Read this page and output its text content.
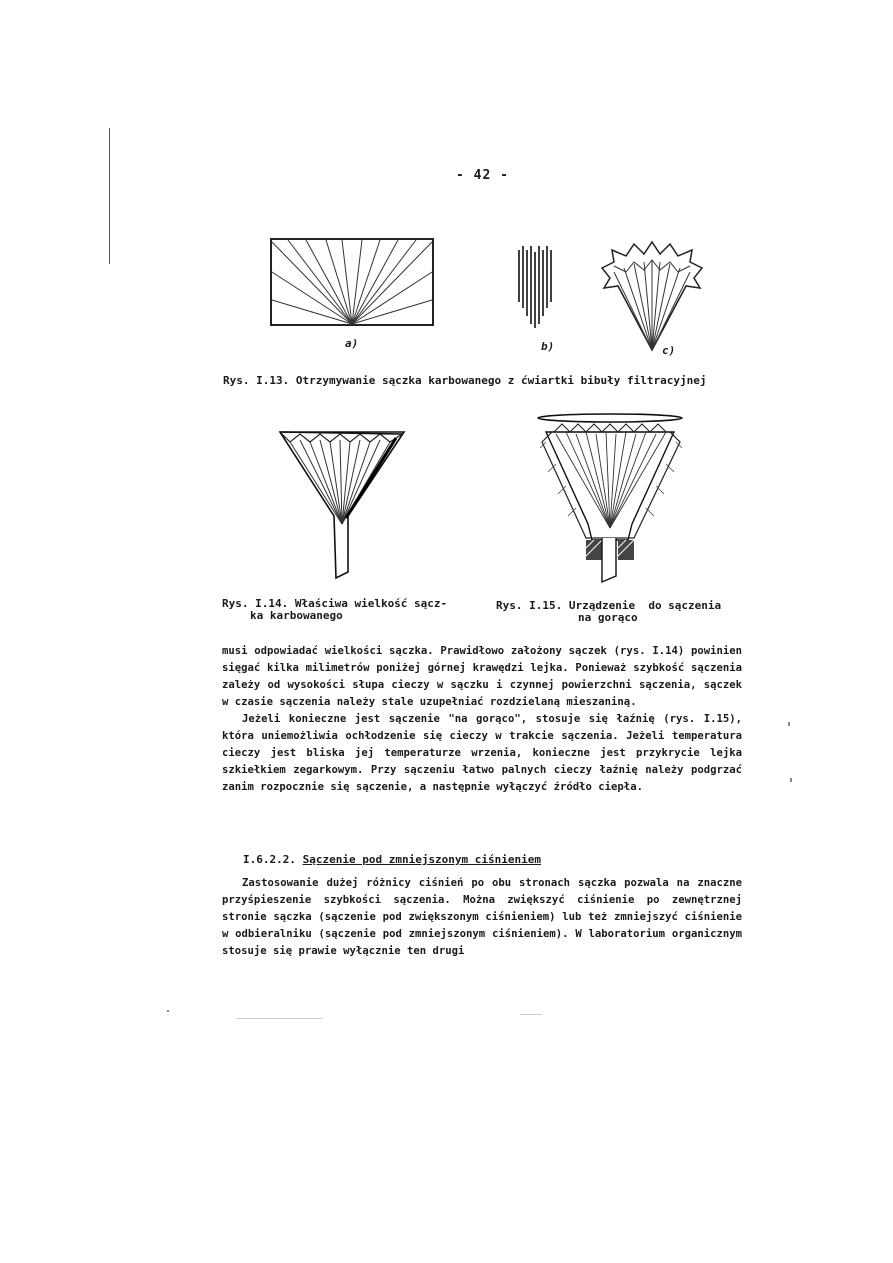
- 42 -
a)	b)	c)
Rys. I.13. Otrzymywanie sączka karbowanego z ćwiartki bibuły filtracyjnej
Rys. I.14. Właściwa wielkość sącz-
ka karbowanego
Rys. I.15. Urządzenie  do sączenia
na gorąco

musi odpowiadać wielkości sączka. Prawidłowo założony sączek (rys. I.14) powinien sięgać kilka milimetrów poniżej górnej krawędzi lejka. Ponieważ szybkość sączenia zależy od wysokości słupa cieczy w sączku i czynnej powierzchni sączenia, sączek w czasie sączenia należy stale uzupełniać rozdzielaną mieszaniną.

Jeżeli konieczne jest sączenie "na gorąco", stosuje się łaźnię (rys. I.15), która uniemożliwia ochłodzenie się cieczy w trakcie sączenia. Jeżeli temperatura cieczy jest bliska jej temperaturze wrzenia, konieczne jest przykrycie lejka szkiełkiem zegarkowym. Przy sączeniu łatwo palnych cieczy łaźnię należy podgrzać zanim rozpocznie się sączenie, a następnie wyłączyć źródło ciepła.

I.6.2.2. Sączenie pod zmniejszonym ciśnieniem

Zastosowanie dużej różnicy ciśnień po obu stronach sączka pozwala na znaczne przyśpieszenie szybkości sączenia. Można zwiększyć ciśnienie po zewnętrznej stronie sączka (sączenie pod zwiększonym ciśnieniem) lub też zmniejszyć ciśnienie w odbieralniku (sączenie pod zmniejszonym ciśnieniem). W laboratorium organicznym stosuje się prawie wyłącznie ten drugi
